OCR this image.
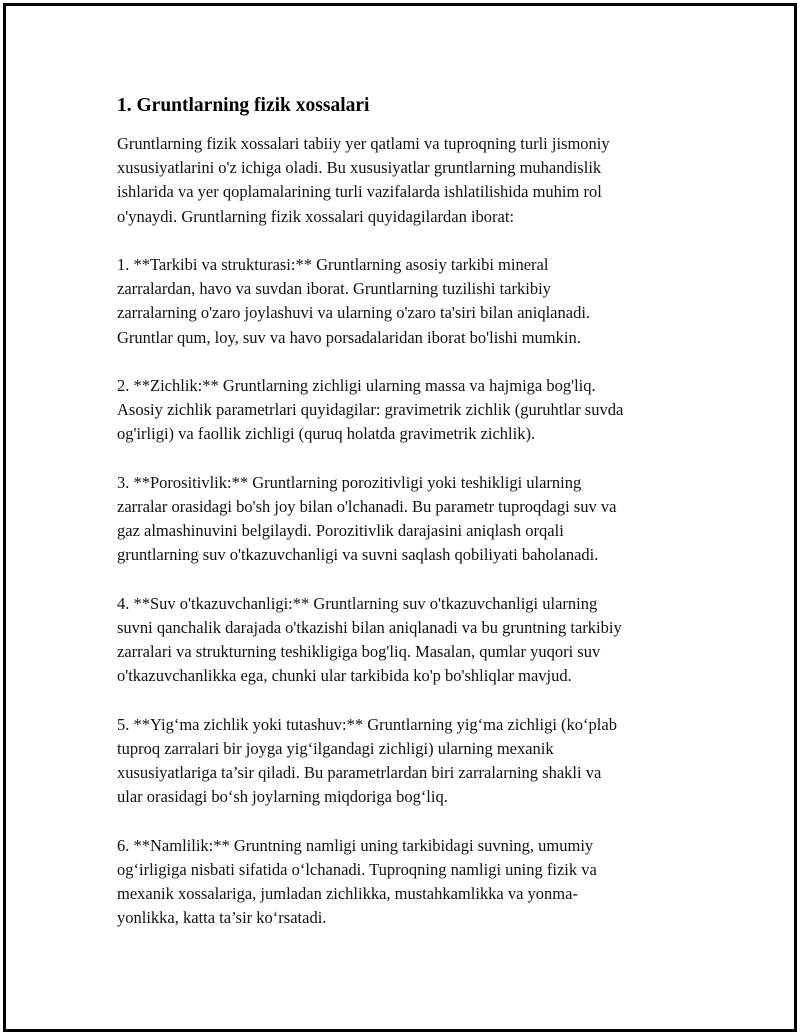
1. Gruntlarning fizik xossalari

Gruntlarning fizik xossalari tabiiy yer qatlami va tuproqning turli jismoniy
xususiyatlarini o'z ichiga oladi. Bu xususiyatlar gruntlarning muhandislik
ishlarida va yer qoplamalarining turli vazifalarda ishlatilishida muhim rol
o'ynaydi. Gruntlarning fizik xossalari quyidagilardan iborat:

1. **Tarkibi va strukturasi:** Gruntlarning asosiy tarkibi mineral
zarralardan, havo va suvdan iborat. Gruntlarning tuzilishi tarkibiy
zarralarning o'zaro joylashuvi va ularning o'zaro ta'siri bilan aniqlanadi.
Gruntlar qum, loy, suv va havo porsadalaridan iborat bo'lishi mumkin.

2. **Zichlik:** Gruntlarning zichligi ularning massa va hajmiga bog'liq.
Asosiy zichlik parametrlari quyidagilar: gravimetrik zichlik (guruhtlar suvda
og'irligi) va faollik zichligi (quruq holatda gravimetrik zichlik).

3. **Porositivlik:** Gruntlarning porozitivligi yoki teshikligi ularning
zarralar orasidagi bo'sh joy bilan o'lchanadi. Bu parametr tuproqdagi suv va
gaz almashinuvini belgilaydi. Porozitivlik darajasini aniqlash orqali
gruntlarning suv o'tkazuvchanligi va suvni saqlash qobiliyati baholanadi.

4. **Suv o'tkazuvchanligi:** Gruntlarning suv o'tkazuvchanligi ularning
suvni qanchalik darajada o'tkazishi bilan aniqlanadi va bu gruntning tarkibiy
zarralari va strukturning teshikligiga bog'liq. Masalan, qumlar yuqori suv
o'tkazuvchanlikka ega, chunki ular tarkibida ko'p bo'shliqlar mavjud.

5. **Yig‘ma zichlik yoki tutashuv:** Gruntlarning yig‘ma zichligi (ko‘plab
tuproq zarralari bir joyga yig‘ilgandagi zichligi) ularning mexanik
xususiyatlariga ta’sir qiladi. Bu parametrlardan biri zarralarning shakli va
ular orasidagi bo‘sh joylarning miqdoriga bog‘liq.

6. **Namlilik:** Gruntning namligi uning tarkibidagi suvning, umumiy
og‘irligiga nisbati sifatida o‘lchanadi. Tuproqning namligi uning fizik va
mexanik xossalariga, jumladan zichlikka, mustahkamlikka va yonma-
yonlikka, katta ta’sir ko‘rsatadi.
